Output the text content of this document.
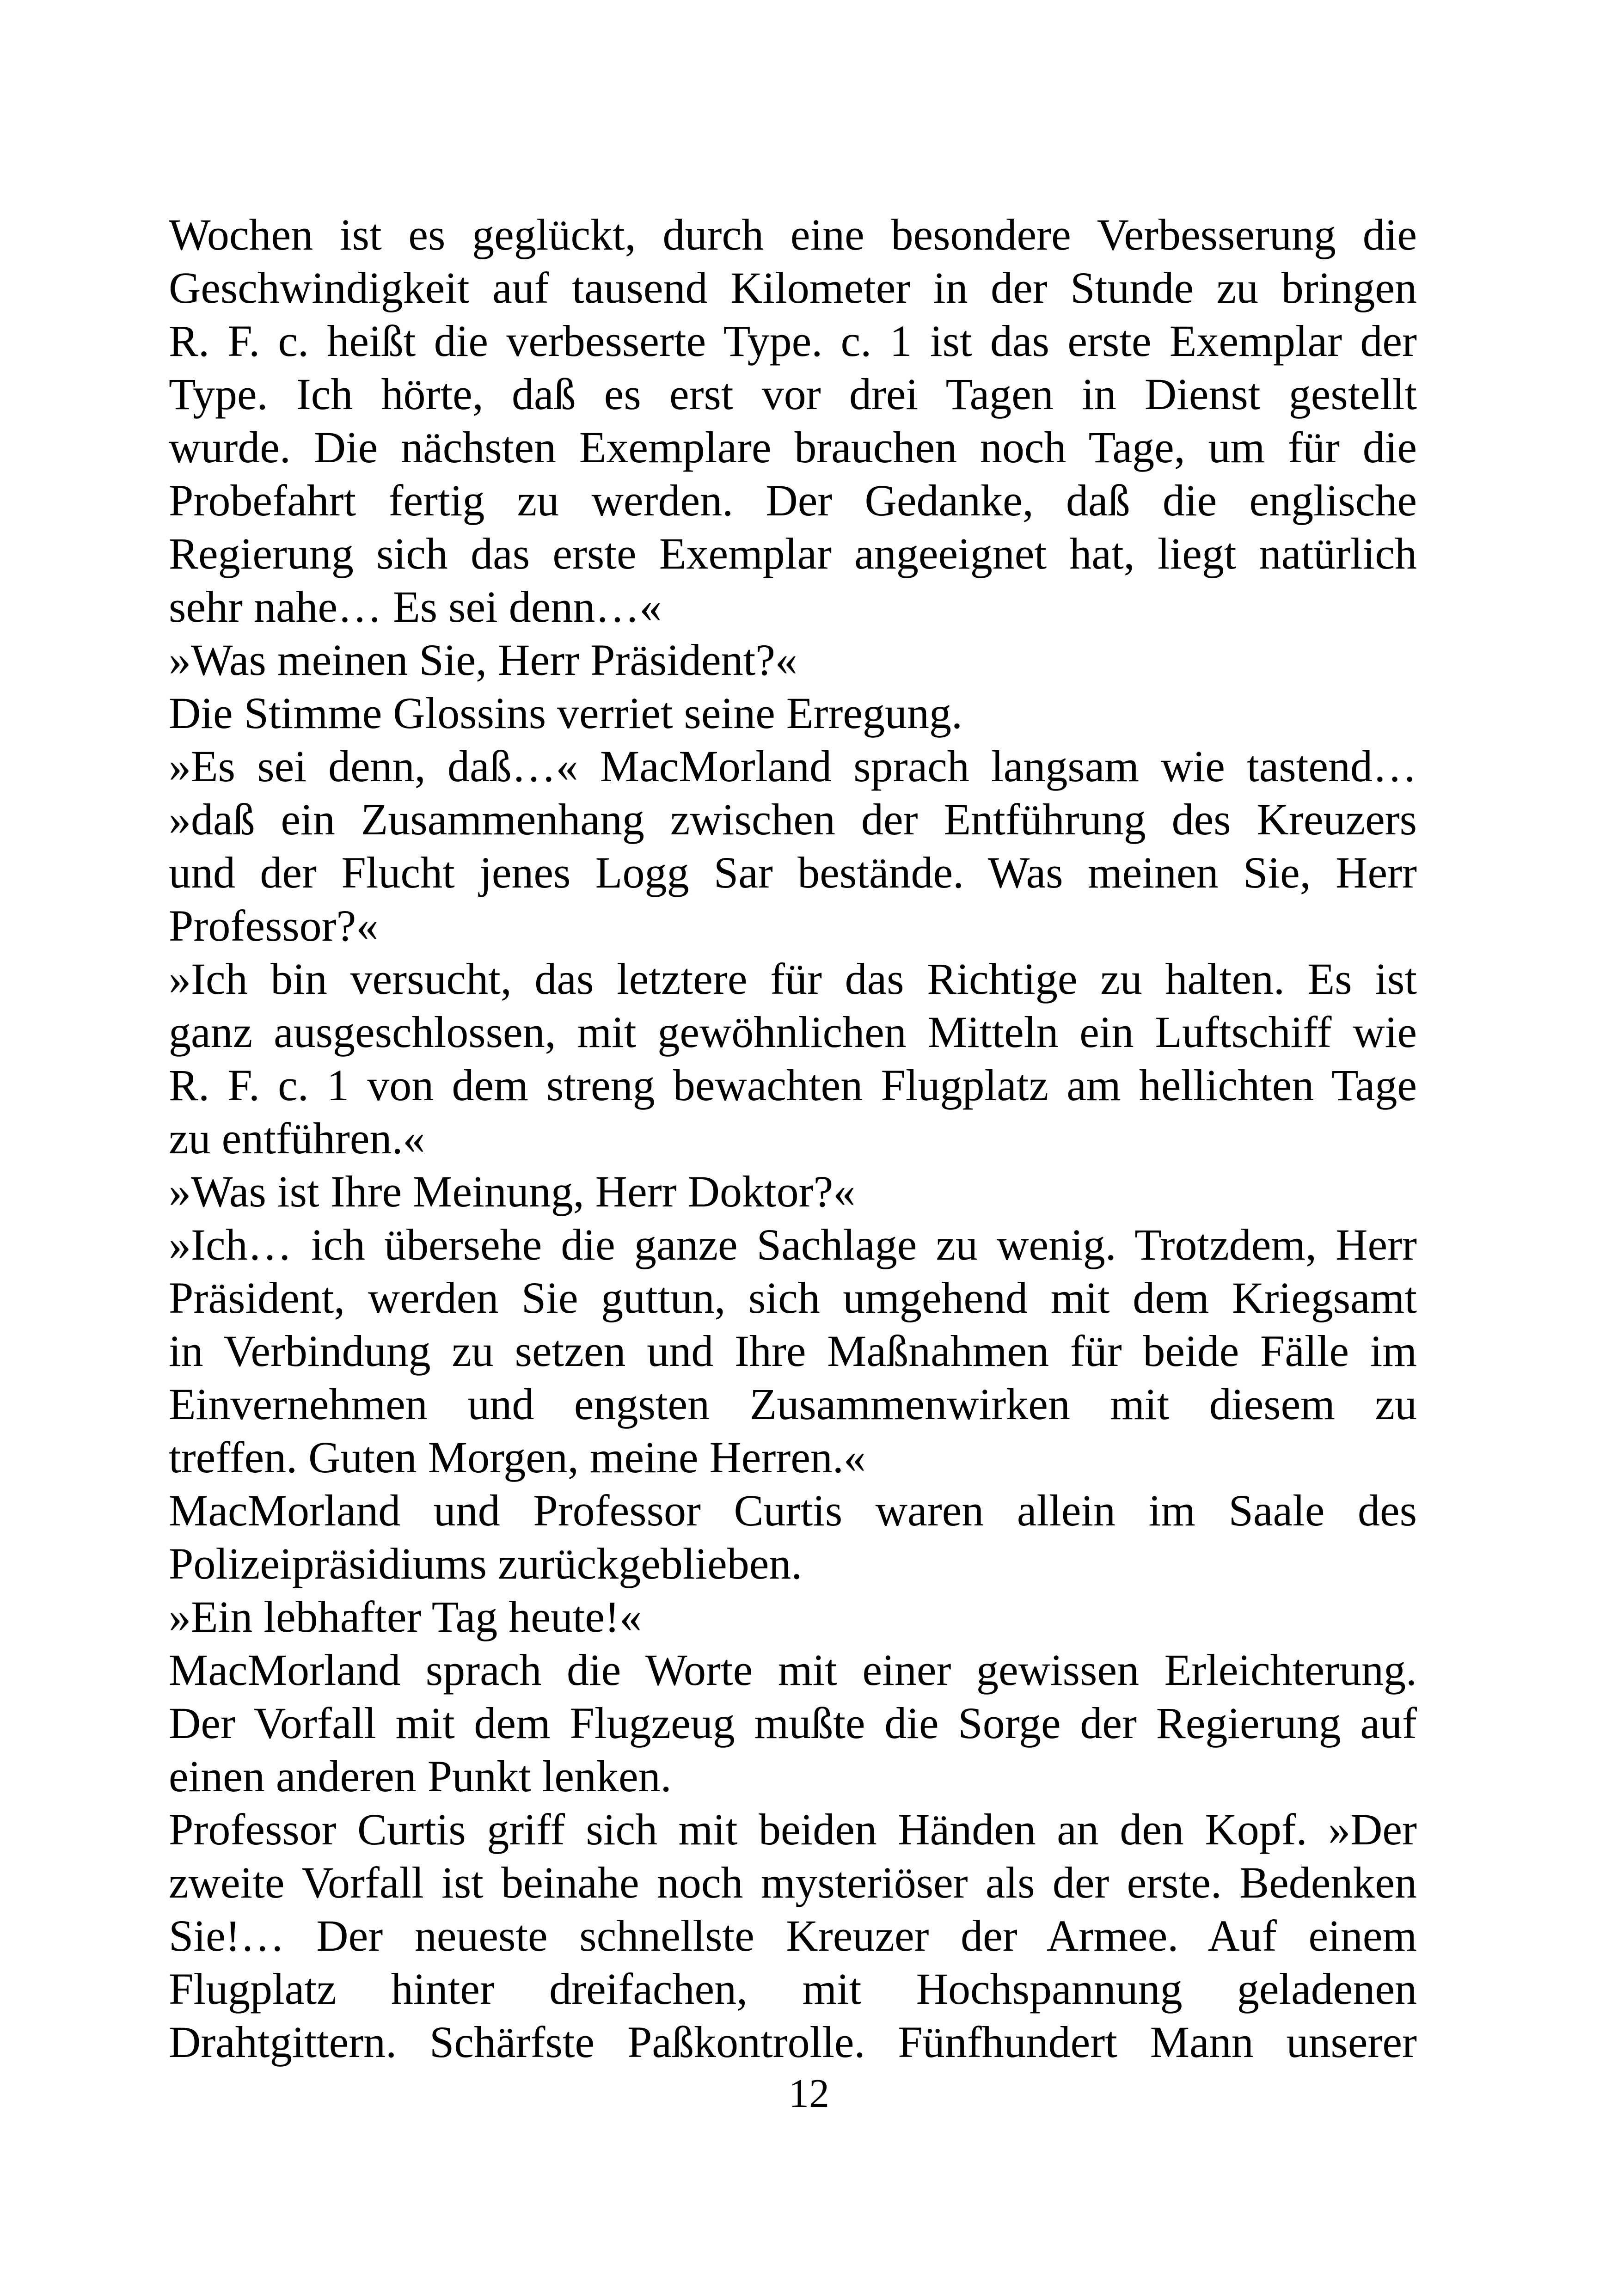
Wochen ist es geglückt, durch eine besondere Verbesserung die
Geschwindigkeit auf tausend Kilometer in der Stunde zu bringen
R. F. c. heißt die verbesserte Type. c. 1 ist das erste Exemplar der
Type. Ich hörte, daß es erst vor drei Tagen in Dienst gestellt
wurde. Die nächsten Exemplare brauchen noch Tage, um für die
Probefahrt fertig zu werden. Der Gedanke, daß die englische
Regierung sich das erste Exemplar angeeignet hat, liegt natürlich
sehr nahe… Es sei denn…«
»Was meinen Sie, Herr Präsident?«
Die Stimme Glossins verriet seine Erregung.
»Es sei denn, daß…« MacMorland sprach langsam wie tastend…
»daß ein Zusammenhang zwischen der Entführung des Kreuzers
und der Flucht jenes Logg Sar bestände. Was meinen Sie, Herr
Professor?«
»Ich bin versucht, das letztere für das Richtige zu halten. Es ist
ganz ausgeschlossen, mit gewöhnlichen Mitteln ein Luftschiff wie
R. F. c. 1 von dem streng bewachten Flugplatz am hellichten Tage
zu entführen.«
»Was ist Ihre Meinung, Herr Doktor?«
»Ich… ich übersehe die ganze Sachlage zu wenig. Trotzdem, Herr
Präsident, werden Sie guttun, sich umgehend mit dem Kriegsamt
in Verbindung zu setzen und Ihre Maßnahmen für beide Fälle im
Einvernehmen und engsten Zusammenwirken mit diesem zu
treffen. Guten Morgen, meine Herren.«
MacMorland und Professor Curtis waren allein im Saale des
Polizeipräsidiums zurückgeblieben.
»Ein lebhafter Tag heute!«
MacMorland sprach die Worte mit einer gewissen Erleichterung.
Der Vorfall mit dem Flugzeug mußte die Sorge der Regierung auf
einen anderen Punkt lenken.
Professor Curtis griff sich mit beiden Händen an den Kopf. »Der
zweite Vorfall ist beinahe noch mysteriöser als der erste. Bedenken
Sie!… Der neueste schnellste Kreuzer der Armee. Auf einem
Flugplatz hinter dreifachen, mit Hochspannung geladenen
Drahtgittern. Schärfste Paßkontrolle. Fünfhundert Mann unserer
12
